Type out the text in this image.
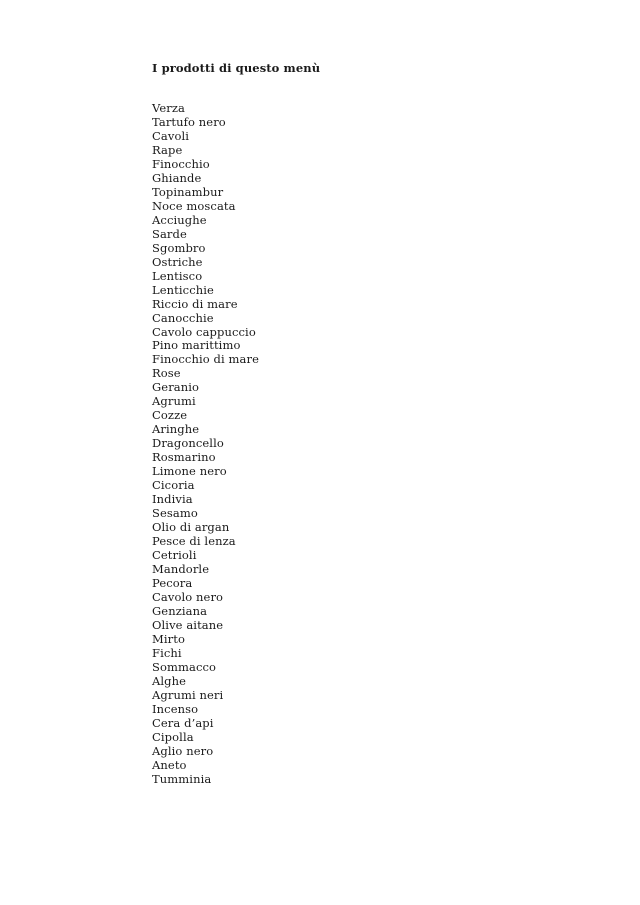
I prodotti di questo menù
Verza
Tartufo nero
Cavoli
Rape
Finocchio
Ghiande
Topinambur
Noce moscata
Acciughe
Sarde
Sgombro
Ostriche
Lentisco
Lenticchie
Riccio di mare
Canocchie
Cavolo cappuccio
Pino marittimo
Finocchio di mare
Rose
Geranio
Agrumi
Cozze
Aringhe
Dragoncello
Rosmarino
Limone nero
Cicoria
Indivia
Sesamo
Olio di argan
Pesce di lenza
Cetrioli
Mandorle
Pecora
Cavolo nero
Genziana
Olive aitane
Mirto
Fichi
Sommacco
Alghe
Agrumi neri
Incenso
Cera d’api
Cipolla
Aglio nero
Aneto
Tumminia
